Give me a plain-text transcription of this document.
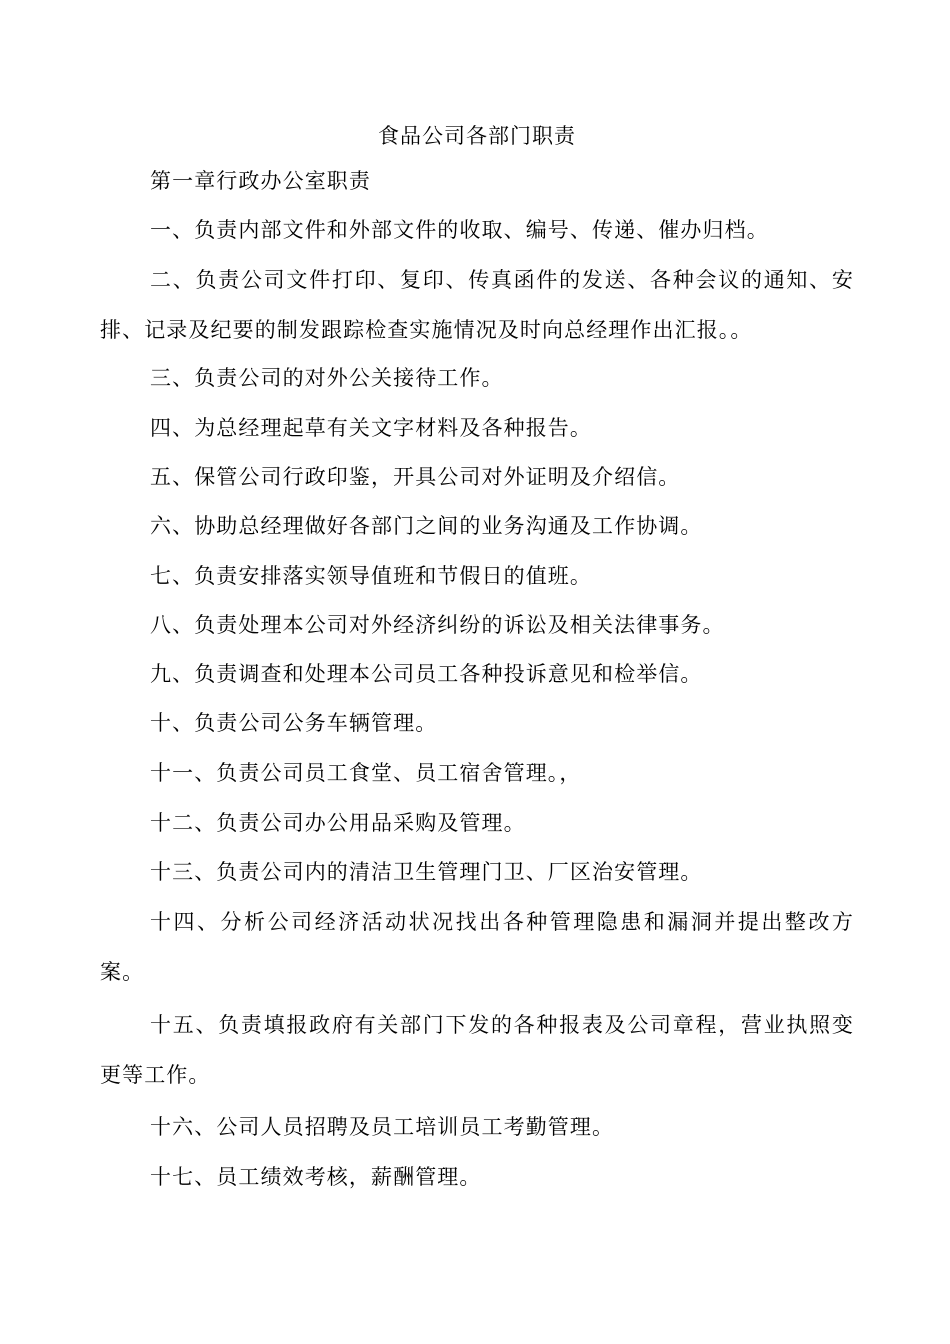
食品公司各部门职责

第一章行政办公室职责

一、负责内部文件和外部文件的收取、编号、传递、催办归档。

二、负责公司文件打印、复印、传真函件的发送、各种会议的通知、安排、记录及纪要的制发跟踪检查实施情况及时向总经理作出汇报。。

三、负责公司的对外公关接待工作。

四、为总经理起草有关文字材料及各种报告。

五、保管公司行政印鉴，开具公司对外证明及介绍信。

六、协助总经理做好各部门之间的业务沟通及工作协调。

七、负责安排落实领导值班和节假日的值班。

八、负责处理本公司对外经济纠纷的诉讼及相关法律事务。

九、负责调查和处理本公司员工各种投诉意见和检举信。

十、负责公司公务车辆管理。

十一、负责公司员工食堂、员工宿舍管理。，

十二、负责公司办公用品采购及管理。

十三、负责公司内的清洁卫生管理门卫、厂区治安管理。

十四、分析公司经济活动状况找出各种管理隐患和漏洞并提出整改方案。

十五、负责填报政府有关部门下发的各种报表及公司章程，营业执照变更等工作。

十六、公司人员招聘及员工培训员工考勤管理。

十七、员工绩效考核，薪酬管理。
